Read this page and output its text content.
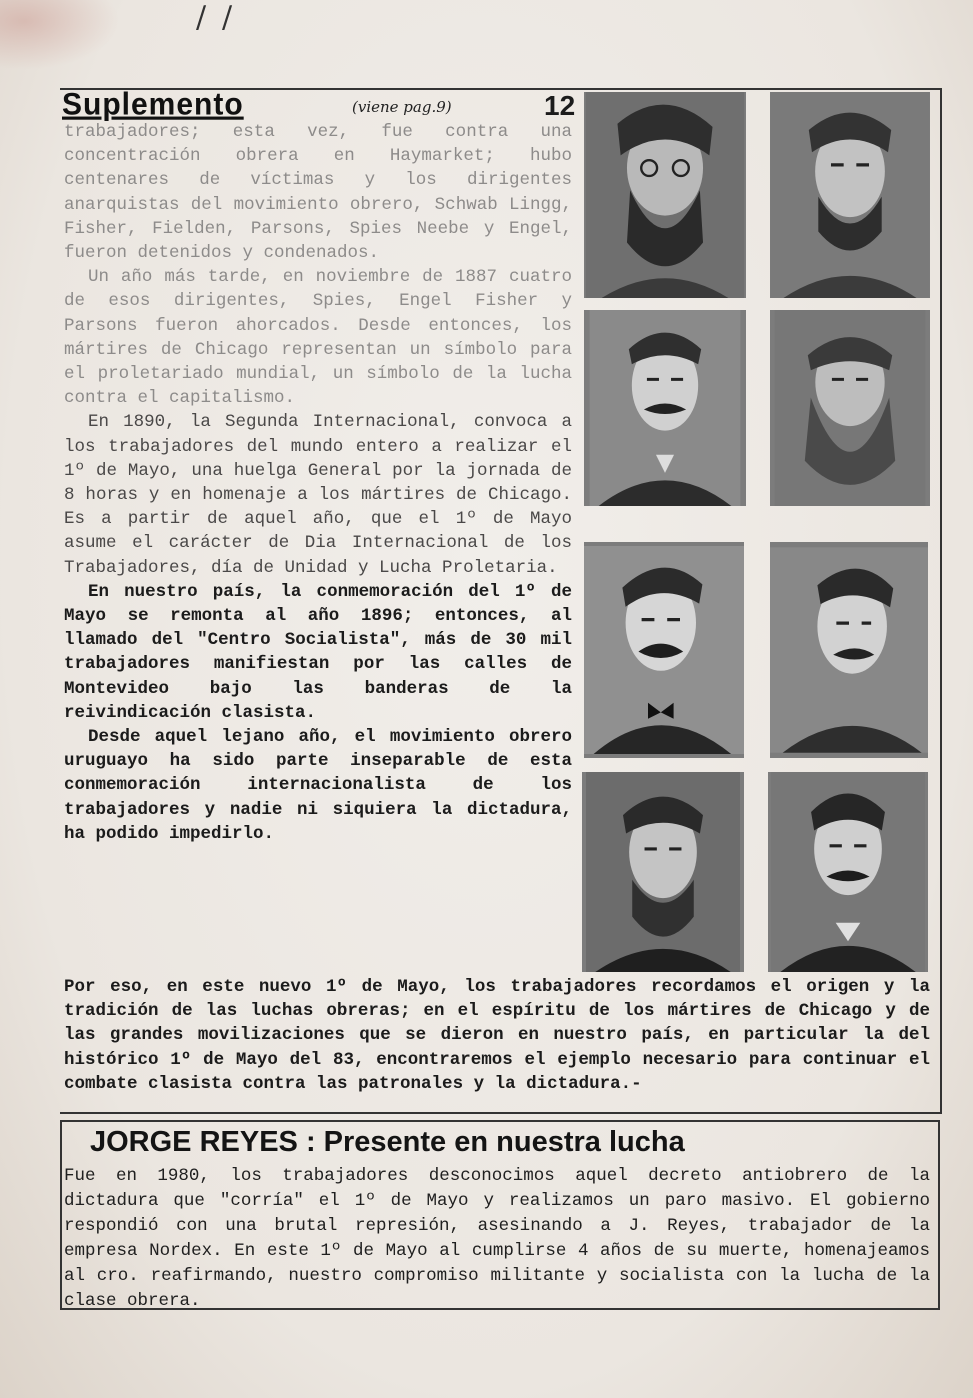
Suplemento	(viene pag.9)	12

trabajadores; esta vez, fue contra una concentración obrera en Haymarket; hubo centenares de víctimas y los dirigentes anarquistas del movimiento obrero, Schwab Lingg, Fisher, Fielden, Parsons, Spies Neebe y Engel, fueron detenidos y condenados.

Un año más tarde, en noviembre de 1887 cuatro de esos dirigentes, Spies, Engel Fisher y Parsons fueron ahorcados. Desde entonces, los mártires de Chicago representan un símbolo para el proletariado mundial, un símbolo de la lucha contra el capitalismo.

En 1890, la Segunda Internacional, convoca a los trabajadores del mundo entero a realizar el 1º de Mayo, una huelga General por la jornada de 8 horas y en homenaje a los mártires de Chicago. Es a partir de aquel año, que el 1º de Mayo asume el carácter de Dia Internacional de los Trabajadores, día de Unidad y Lucha Proletaria.

En nuestro país, la conmemoración del 1º de Mayo se remonta al año 1896; entonces, al llamado del "Centro Socialista", más de 30 mil trabajadores manifiestan por las calles de Montevideo bajo las banderas de la reivindicación clasista.

Desde aquel lejano año, el movimiento obrero uruguayo ha sido parte inseparable de esta conmemoración internacionalista de los trabajadores y nadie ni siquiera la dictadura, ha podido impedirlo.

Por eso, en este nuevo 1º de Mayo, los trabajadores recordamos el origen y la tradición de las luchas obreras; en el espíritu de los mártires de Chicago y de las grandes movilizaciones que se dieron en nuestro país, en particular la del histórico 1º de Mayo del 83, encontraremos el ejemplo necesario para continuar el combate clasista contra las patronales y la dictadura.-
JORGE REYES : Presente en nuestra lucha
Fue en 1980, los trabajadores desconocimos aquel decreto antiobrero de la dictadura que "corría" el 1º de Mayo y realizamos un paro masivo. El gobierno respondió con una brutal represión, asesinando a J. Reyes, trabajador de la empresa Nordex. En este 1º de Mayo al cumplirse 4 años de su muerte, homenajeamos al cro. reafirmando, nuestro compromiso militante y socialista con la lucha de la clase obrera.
/ /
